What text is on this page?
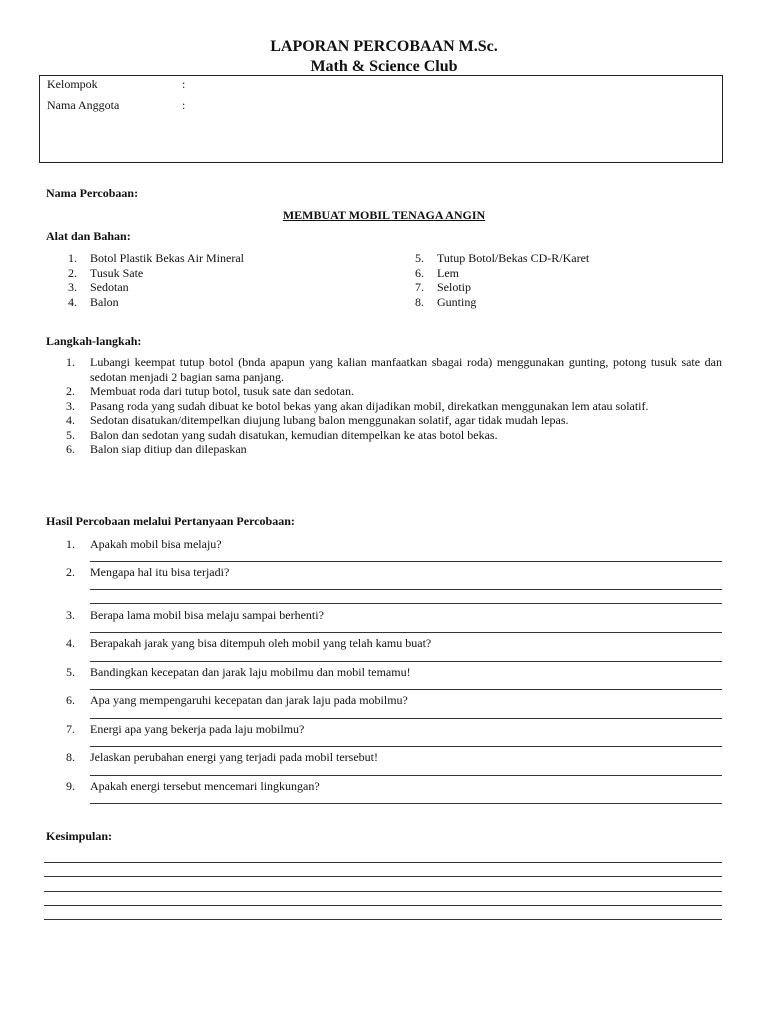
LAPORAN PERCOBAAN M.Sc.
Math & Science Club
Kelompok	:
Nama Anggota	:
Nama Percobaan:
MEMBUAT MOBIL TENAGA ANGIN
Alat dan Bahan:
1. Botol Plastik Bekas Air Mineral
2. Tusuk Sate
3. Sedotan
4. Balon
5. Tutup Botol/Bekas CD-R/Karet
6. Lem
7. Selotip
8. Gunting
Langkah-langkah:
1.	Lubangi keempat tutup botol (bnda apapun yang kalian manfaatkan sbagai roda) menggunakan gunting, potong tusuk sate dan sedotan menjadi 2 bagian sama panjang.
2.	Membuat roda dari tutup botol, tusuk sate dan sedotan.
3.	Pasang roda yang sudah dibuat ke botol bekas yang akan dijadikan mobil, direkatkan menggunakan lem atau solatif.
4.	Sedotan disatukan/ditempelkan diujung lubang balon menggunakan solatif, agar tidak mudah lepas.
5.	Balon dan sedotan yang sudah disatukan, kemudian ditempelkan ke atas botol bekas.
6.	Balon siap ditiup dan dilepaskan
Hasil Percobaan melalui Pertanyaan Percobaan:
1.	Apakah mobil bisa melaju?
2.	Mengapa hal itu bisa terjadi?
3.	Berapa lama mobil bisa melaju sampai berhenti?
4.	Berapakah jarak yang bisa ditempuh oleh mobil yang telah kamu buat?
5.	Bandingkan kecepatan dan jarak laju mobilmu dan mobil temamu!
6.	Apa yang mempengaruhi kecepatan dan jarak laju pada mobilmu?
7.	Energi apa yang bekerja pada laju mobilmu?
8.	Jelaskan perubahan energi yang terjadi pada mobil tersebut!
9.	Apakah energi tersebut mencemari lingkungan?
Kesimpulan:
